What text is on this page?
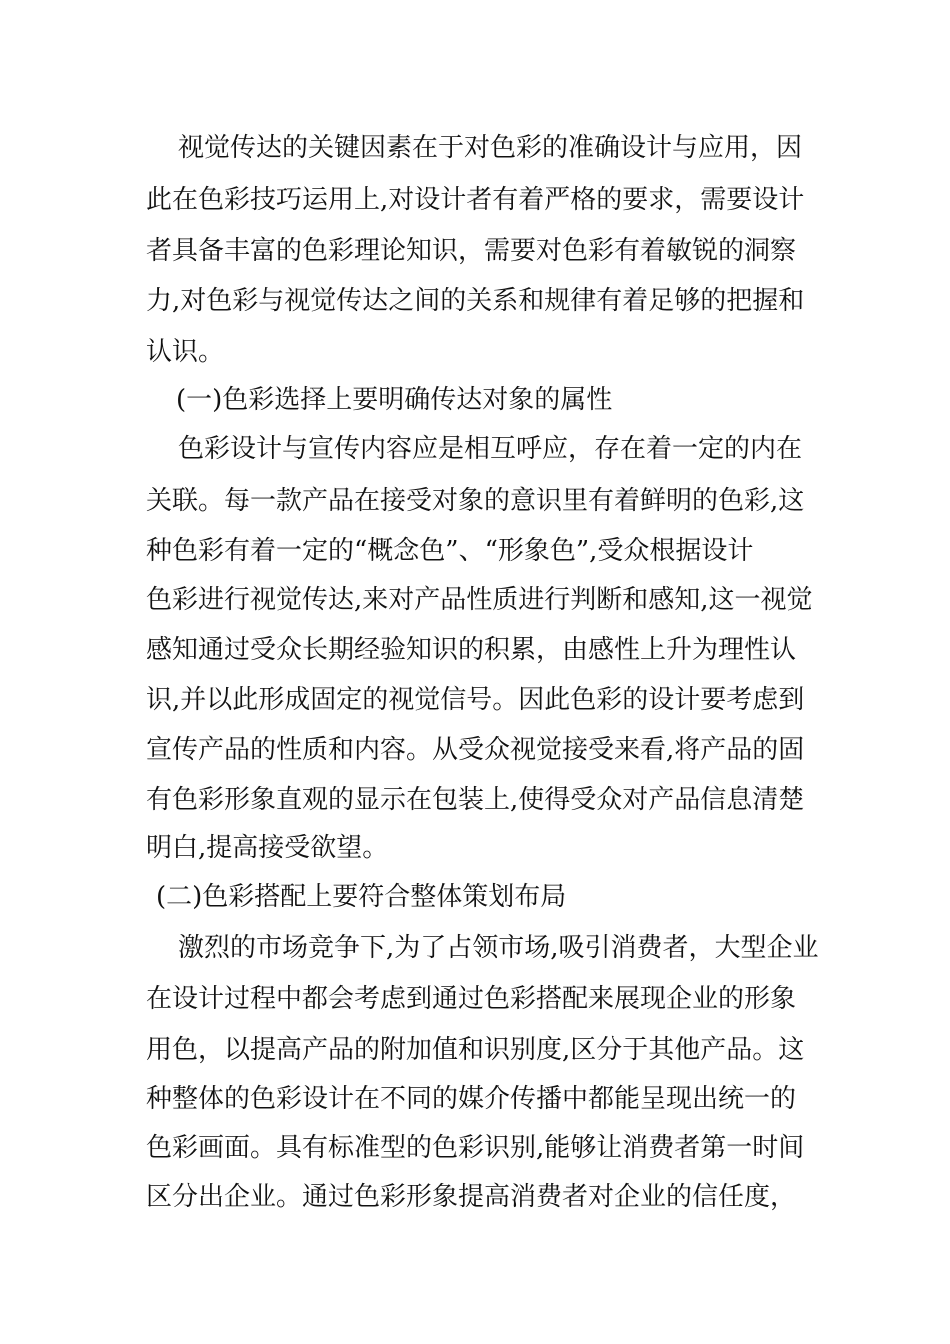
视觉传达的关键因素在于对色彩的准确设计与应用，因
此在色彩技巧运用上,对设计者有着严格的要求，需要设计
者具备丰富的色彩理论知识，需要对色彩有着敏锐的洞察
力,对色彩与视觉传达之间的关系和规律有着足够的把握和
认识。
(一)色彩选择上要明确传达对象的属性
色彩设计与宣传内容应是相互呼应，存在着一定的内在
关联。每一款产品在接受对象的意识里有着鲜明的色彩,这
种色彩有着一定的“概念色”、“形象色”,受众根据设计
色彩进行视觉传达,来对产品性质进行判断和感知,这一视觉
感知通过受众长期经验知识的积累，由感性上升为理性认
识,并以此形成固定的视觉信号。因此色彩的设计要考虑到
宣传产品的性质和内容。从受众视觉接受来看,将产品的固
有色彩形象直观的显示在包装上,使得受众对产品信息清楚
明白,提高接受欲望。
(二)色彩搭配上要符合整体策划布局
激烈的市场竞争下,为了占领市场,吸引消费者，大型企业
在设计过程中都会考虑到通过色彩搭配来展现企业的形象
用色，以提高产品的附加值和识别度,区分于其他产品。这
种整体的色彩设计在不同的媒介传播中都能呈现出统一的
色彩画面。具有标准型的色彩识别,能够让消费者第一时间
区分出企业。通过色彩形象提高消费者对企业的信任度，
